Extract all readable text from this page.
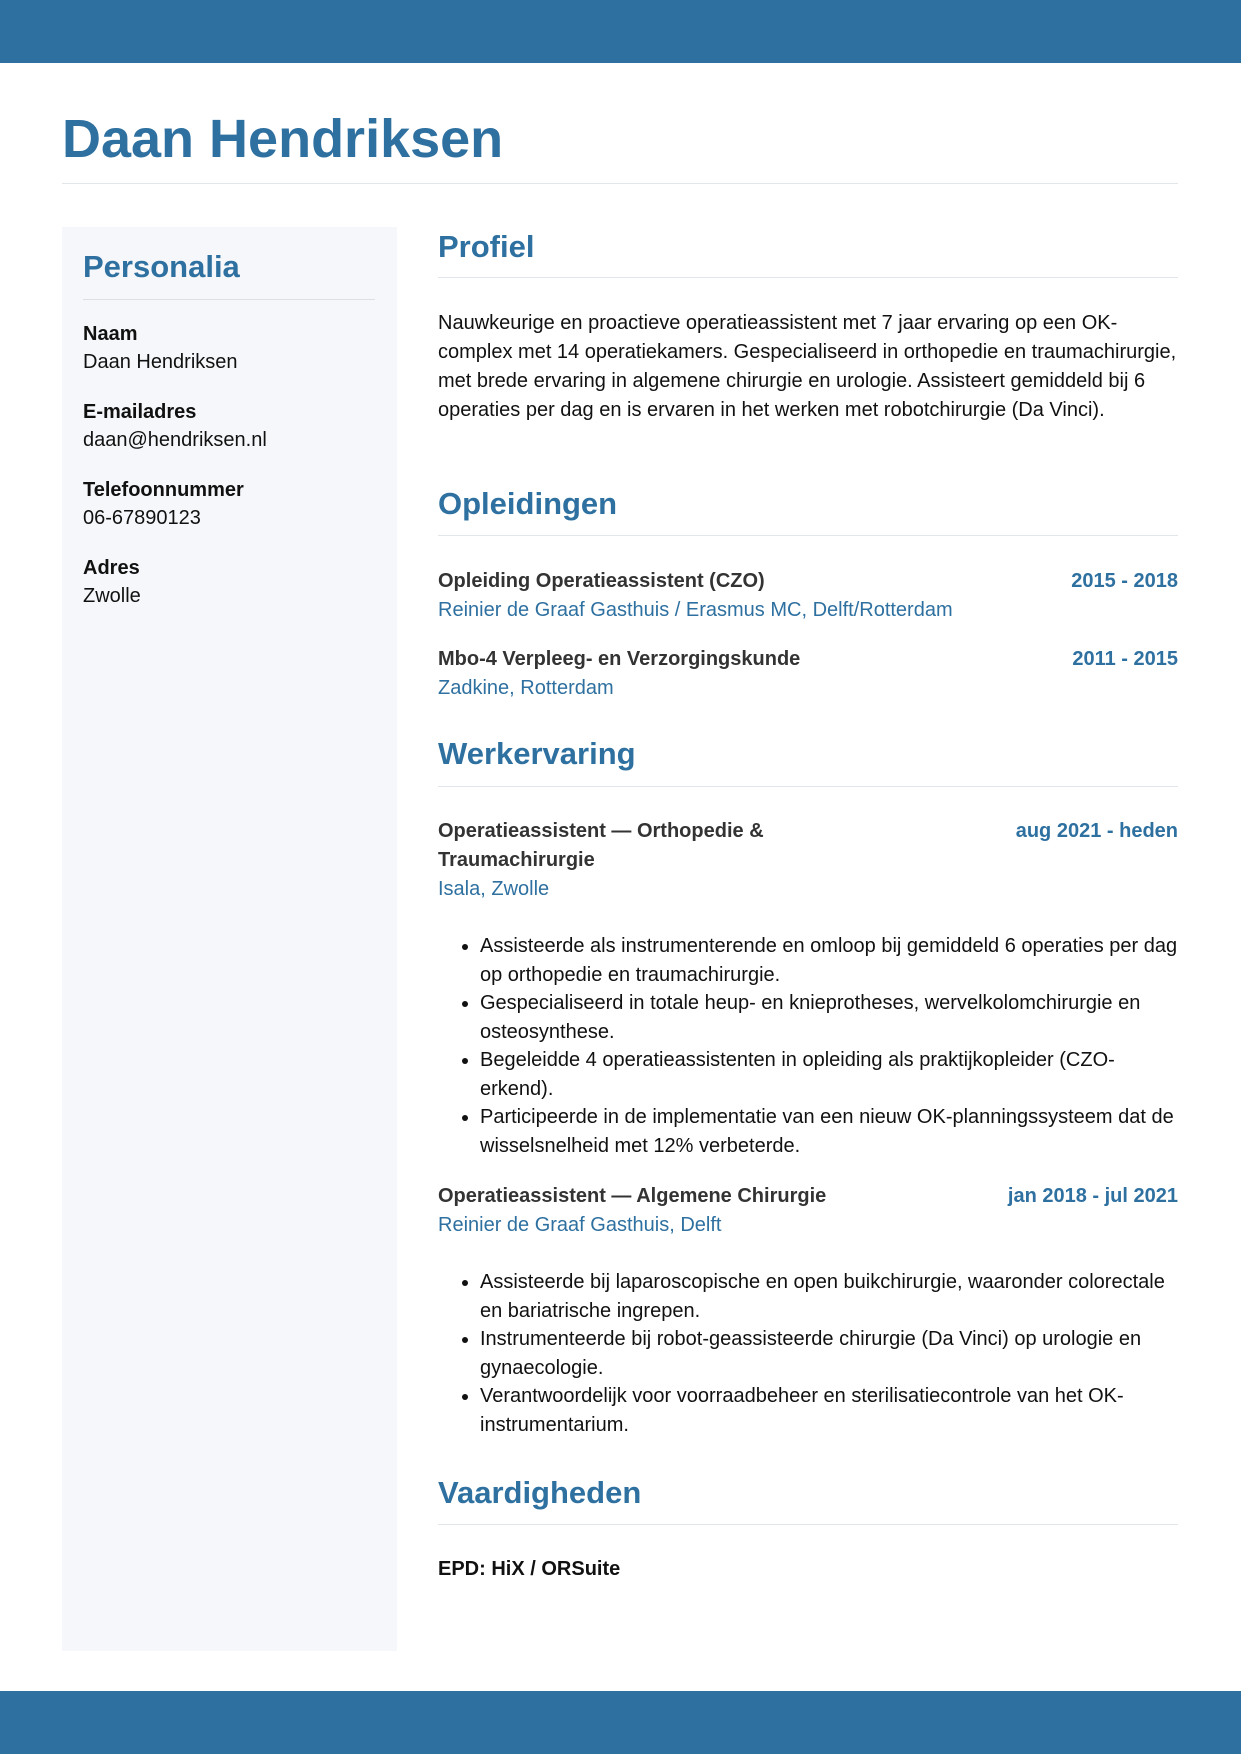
Daan Hendriksen
Personalia
Naam
Daan Hendriksen
E-mailadres
daan@hendriksen.nl
Telefoonnummer
06-67890123
Adres
Zwolle
Profiel

Nauwkeurige en proactieve operatieassistent met 7 jaar ervaring op een OK-complex met 14 operatiekamers. Gespecialiseerd in orthopedie en traumachirurgie, met brede ervaring in algemene chirurgie en urologie. Assisteert gemiddeld bij 6 operaties per dag en is ervaren in het werken met robotchirurgie (Da Vinci).

Opleidingen
Opleiding Operatieassistent (CZO)	2015 - 2018
Reinier de Graaf Gasthuis / Erasmus MC, Delft/Rotterdam
Mbo-4 Verpleeg- en Verzorgingskunde	2011 - 2015
Zadkine, Rotterdam
Werkervaring
Operatieassistent — Orthopedie & Traumachirurgie
aug 2021 - heden
Isala, Zwolle
• Assisteerde als instrumenterende en omloop bij gemiddeld 6 operaties per dag op orthopedie en traumachirurgie.
• Gespecialiseerd in totale heup- en knieprotheses, wervelkolomchirurgie en osteosynthese.
• Begeleidde 4 operatieassistenten in opleiding als praktijkopleider (CZO-erkend).
• Participeerde in de implementatie van een nieuw OK-planningssysteem dat de wisselsnelheid met 12% verbeterde.
Operatieassistent — Algemene Chirurgie	jan 2018 - jul 2021
Reinier de Graaf Gasthuis, Delft
• Assisteerde bij laparoscopische en open buikchirurgie, waaronder colorectale en bariatrische ingrepen.
• Instrumenteerde bij robot-geassisteerde chirurgie (Da Vinci) op urologie en gynaecologie.
• Verantwoordelijk voor voorraadbeheer en sterilisatiecontrole van het OK-instrumentarium.
Vaardigheden
EPD: HiX / ORSuite
